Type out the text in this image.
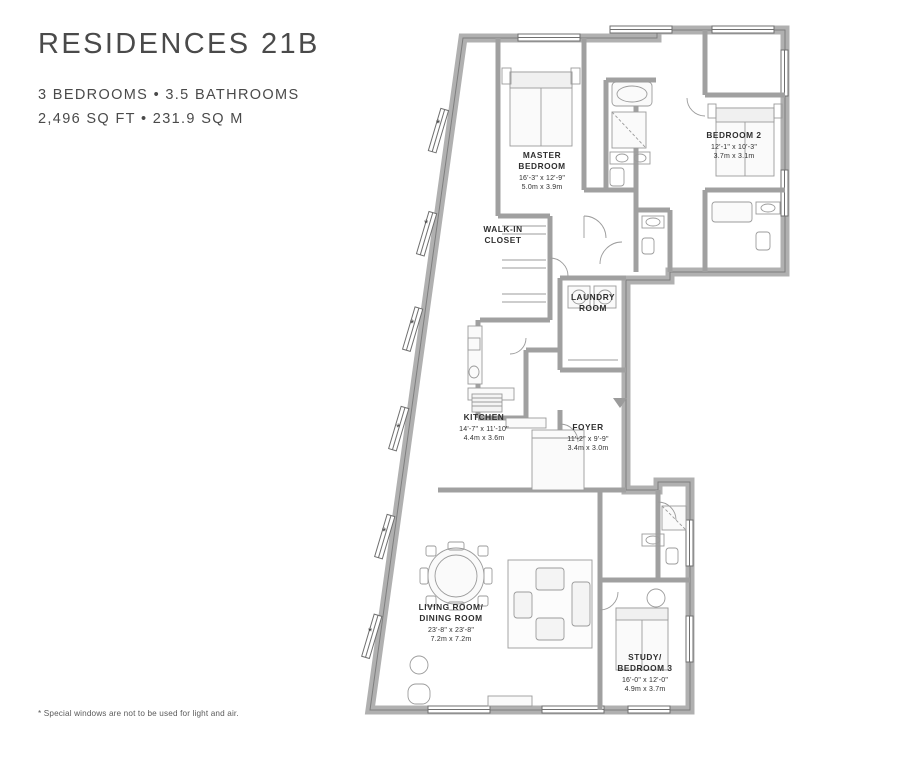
RESIDENCES 21B
3 BEDROOMS • 3.5 BATHROOMS
2,496 SQ FT • 231.9 SQ M
* Special windows are not to be used for light and air.
MASTER
BEDROOM
16'-3" x 12'-9"
5.0m x 3.9m
BEDROOM 2
12'-1" x 10'-3"
3.7m x 3.1m
WALK-IN
CLOSET
LAUNDRY
ROOM
KITCHEN
14'-7" x 11'-10"
4.4m x 3.6m
FOYER
11'-2" x 9'-9"
3.4m x 3.0m
LIVING ROOM/
DINING ROOM
23'-8" x 23'-8"
7.2m x 7.2m
STUDY/
BEDROOM 3
16'-0" x 12'-0"
4.9m x 3.7m
*
*
*
*
*
*
